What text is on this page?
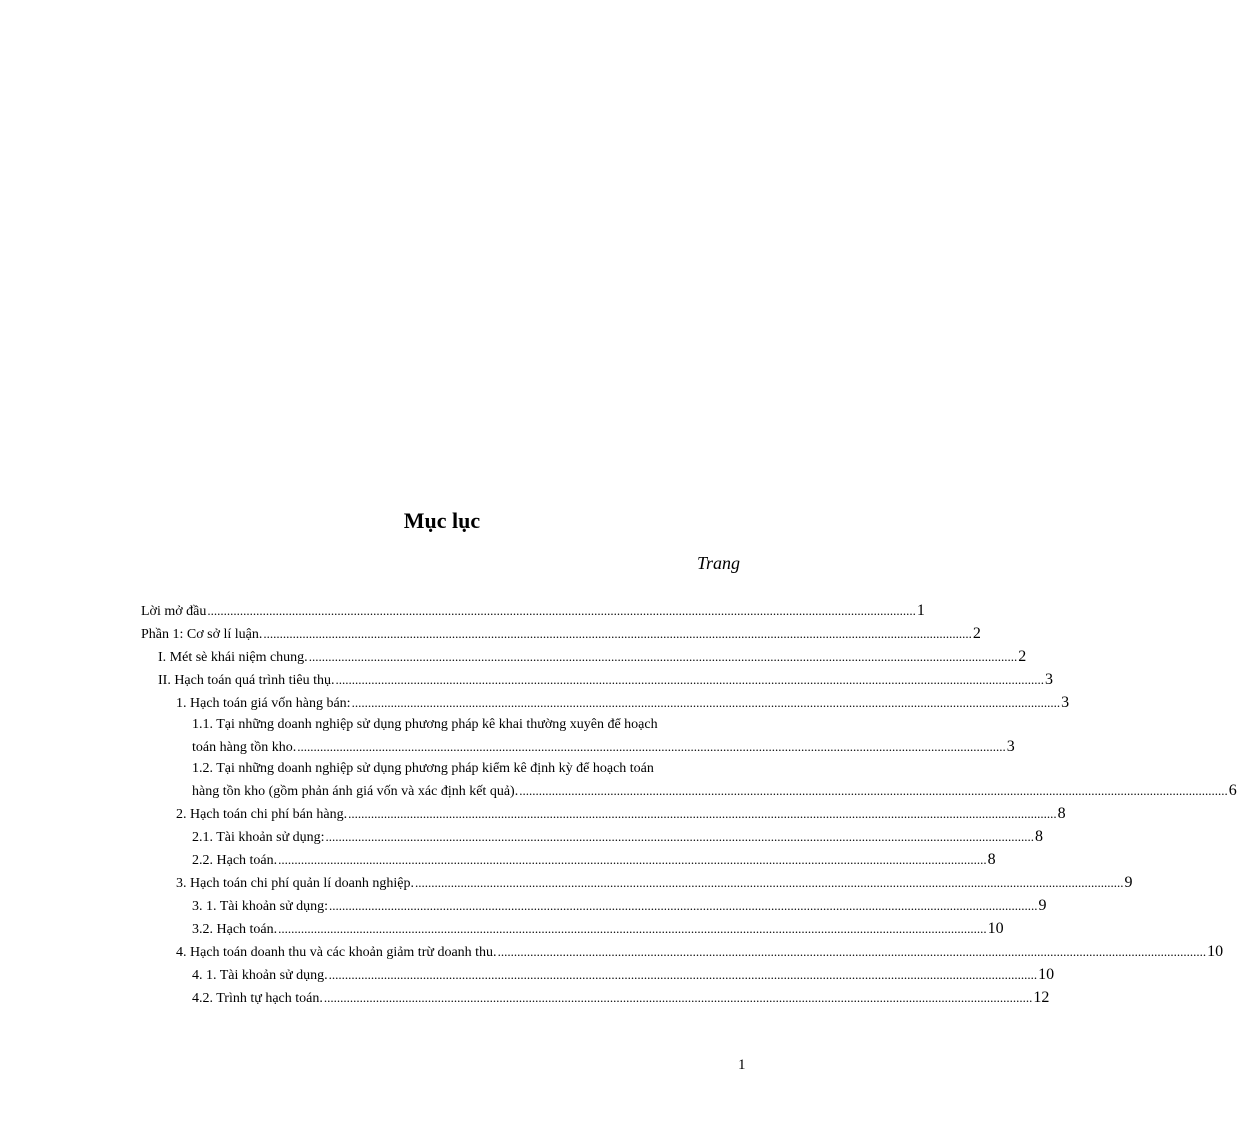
Mục lục
Trang
Lời mở đầu .......................................................................................................................................................................................................................... 1
Phần 1: Cơ sở lí luận. .......................................................................................................................................................................................................................... 2
I. Mét sè khái niệm chung. .......................................................................................................................................................................................................................... 2
II. Hạch toán quá trình tiêu thụ. .......................................................................................................................................................................................................................... 3
1. Hạch toán giá vốn hàng bán: .......................................................................................................................................................................................................................... 3
1.1. Tại những doanh nghiệp sử dụng phương pháp kê khai thường xuyên để hoạch
toán hàng tồn kho. .......................................................................................................................................................................................................................... 3
1.2. Tại những doanh nghiệp sử dụng phương pháp kiểm kê định kỳ để hoạch toán
hàng tồn kho (gồm phản ánh giá vốn và xác định kết quả). .......................................................................................................................................................................................................................... 6
2. Hạch toán chi phí bán hàng. .......................................................................................................................................................................................................................... 8
2.1. Tài khoản sử dụng: .......................................................................................................................................................................................................................... 8
2.2. Hạch toán. .......................................................................................................................................................................................................................... 8
3. Hạch toán chi phí quản lí doanh nghiệp. .......................................................................................................................................................................................................................... 9
3. 1. Tài khoản sử dụng: .......................................................................................................................................................................................................................... 9
3.2. Hạch toán. .......................................................................................................................................................................................................................... 10
4. Hạch toán doanh thu và các khoản giảm trừ doanh thu. .......................................................................................................................................................................................................................... 10
4. 1. Tài khoản sử dụng. .......................................................................................................................................................................................................................... 10
4.2. Trình tự hạch toán. .......................................................................................................................................................................................................................... 12
1
